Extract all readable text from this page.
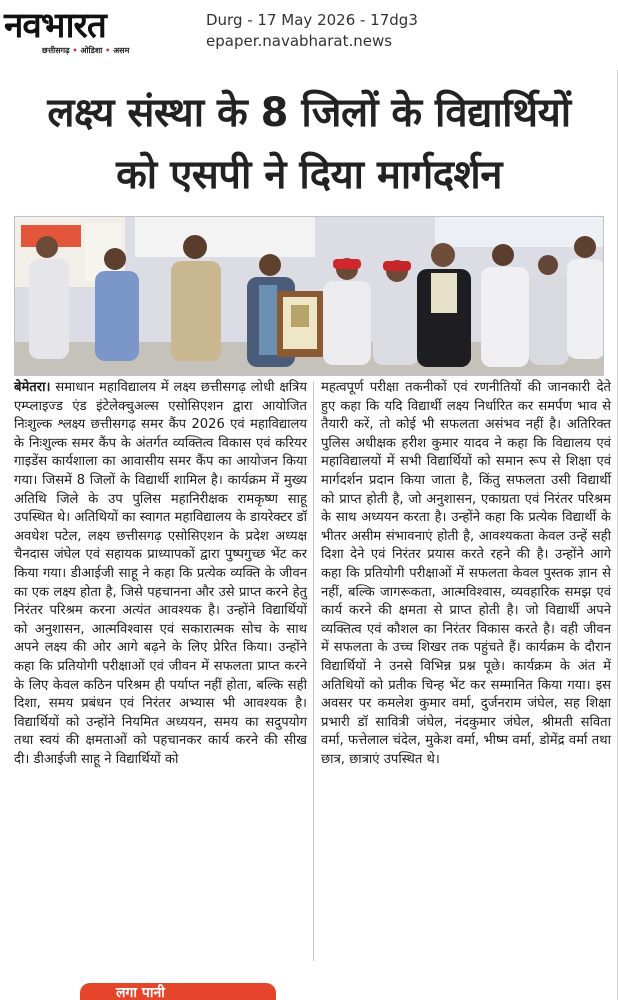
नवभारत
छत्तीसगढ़ • ओडिशा • असम
Durg - 17 May 2026 - 17dg3
epaper.navabharat.news
लक्ष्य संस्था के 8 जिलों के विद्यार्थियों
को एसपी ने दिया मार्गदर्शन
बेमेतरा। समाधान महाविद्यालय में लक्ष्य छत्तीसगढ़ लोधी क्षत्रिय एम्प्लाइज्ड एंड इंटेलेक्चुअल्स एसोसिएशन द्वारा आयोजित निःशुल्क श्लक्ष्य छत्तीसगढ़ समर कैंप 2026 एवं महाविद्यालय के निःशुल्क समर कैंप के अंतर्गत व्यक्तित्व विकास एवं करियर गाइडेंस कार्यशाला का आवासीय समर कैंप का आयोजन किया गया। जिसमें 8 जिलों के विद्यार्थी शामिल है। कार्यक्रम में मुख्य अतिथि जिले के उप पुलिस महानिरीक्षक रामकृष्ण साहू उपस्थित थे। अतिथियों का स्वागत महाविद्यालय के डायरेक्टर डॉ अवधेश पटेल, लक्ष्य छत्तीसगढ़ एसोसिएशन के प्रदेश अध्यक्ष चैनदास जंघेल एवं सहायक प्राध्यापकों द्वारा पुष्पगुच्छ भेंट कर किया गया। डीआईजी साहू ने कहा कि प्रत्येक व्यक्ति के जीवन का एक लक्ष्य होता है, जिसे पहचानना और उसे प्राप्त करने हेतु निरंतर परिश्रम करना अत्यंत आवश्यक है। उन्होंने विद्यार्थियों को अनुशासन, आत्मविश्वास एवं सकारात्मक सोच के साथ अपने लक्ष्य की ओर आगे बढ़ने के लिए प्रेरित किया। उन्होंने कहा कि प्रतियोगी परीक्षाओं एवं जीवन में सफलता प्राप्त करने के लिए केवल कठिन परिश्रम ही पर्याप्त नहीं होता, बल्कि सही दिशा, समय प्रबंधन एवं निरंतर अभ्यास भी आवश्यक है। विद्यार्थियों को उन्होंने नियमित अध्ययन, समय का सदुपयोग तथा स्वयं की क्षमताओं को पहचानकर कार्य करने की सीख दी। डीआईजी साहू ने विद्यार्थियों को
महत्वपूर्ण परीक्षा तकनीकों एवं रणनीतियों की जानकारी देते हुए कहा कि यदि विद्यार्थी लक्ष्य निर्धारित कर समर्पण भाव से तैयारी करें, तो कोई भी सफलता असंभव नहीं है। अतिरिक्त पुलिस अधीक्षक हरीश कुमार यादव ने कहा कि विद्यालय एवं महाविद्यालयों में सभी विद्यार्थियों को समान रूप से शिक्षा एवं मार्गदर्शन प्रदान किया जाता है, किंतु सफलता उसी विद्यार्थी को प्राप्त होती है, जो अनुशासन, एकाग्रता एवं निरंतर परिश्रम के साथ अध्ययन करता है। उन्होंने कहा कि प्रत्येक विद्यार्थी के भीतर असीम संभावनाएं होती है, आवश्यकता केवल उन्हें सही दिशा देने एवं निरंतर प्रयास करते रहने की है। उन्होंने आगे कहा कि प्रतियोगी परीक्षाओं में सफलता केवल पुस्तक ज्ञान से नहीं, बल्कि जागरूकता, आत्मविश्वास, व्यवहारिक समझ एवं कार्य करने की क्षमता से प्राप्त होती है। जो विद्यार्थी अपने व्यक्तित्व एवं कौशल का निरंतर विकास करते है। वही जीवन में सफलता के उच्च शिखर तक पहुंचते हैं। कार्यक्रम के दौरान विद्यार्थियों ने उनसे विभिन्न प्रश्न पूछे। कार्यक्रम के अंत में अतिथियों को प्रतीक चिन्ह भेंट कर सम्मानित किया गया। इस अवसर पर कमलेश कुमार वर्मा, दुर्जनराम जंघेल, सह शिक्षा प्रभारी डॉ सावित्री जंघेल, नंदकुमार जंघेल, श्रीमती सविता वर्मा, फत्तेलाल चंदेल, मुकेश वर्मा, भीष्म वर्मा, डोमेंद्र वर्मा तथा छात्र, छात्राएं उपस्थित थे।
लगा पानी
